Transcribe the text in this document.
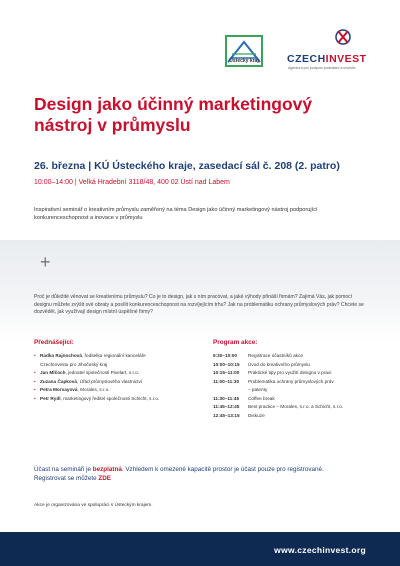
Ústecký kraj	CZECHINVEST
Agentura pro podporu podnikání a investic
Design jako účinný marketingový nástroj v průmyslu
26. března | KÚ Ústeckého kraje, zasedací sál č. 208 (2. patro)
10:00–14:00 | Velká Hradební 3118/48, 400 02 Ústí nad Labem
Inspirativní seminář o kreativním průmyslu zaměřený na téma Design jako účinný marketingový nástroj podporující konkurenceschopnost a inovace v průmyslu
+
Proč je důležité věnovat se kreativnímu průmyslu? Co je to design, jak s ním pracovat, a jaké výhody přináší firmám? Zajímá Vás, jak pomocí designu můžete zvýšit své obraty a posílit konkurenceschopnost na rozvíjejícím trhu? Jak na problematiku ochrany průmyslových práv? Chcete se dozvědět, jak využívají design místní úspěšné firmy?
Přednášející:
• Radka Rajnochová, ředitelka regionální kanceláře
CzechInvestu pro Jihočeský kraj
• Jan Mlčoch, jednatel společnosti Pixelart, s.r.o.
• Zuzana Čapková, Úřad průmyslového vlastnictví
• Petra Morvayová, Morales, s.r.o.
• Petr Rydl, marketingový ředitel společnosti Schicht, s.r.o.
Program akce:
9:30–10:00	Registrace účastníků akce
10:00–10:15	Úvod do kreativního průmyslu
10:15–11:00	Praktické tipy pro využití designu v praxi
11:00–11:30	Problematika ochrany průmyslových práv
– patenty
11:30–11:45	Coffee break
11:45–12:45	Best practice – Morales, s.r.o. a Schicht, s.r.o.
12:45–13:15	Diskuze
Účast na semináři je bezplatná. Vzhledem k omezené kapacitě prostor je účast pouze pro registrované.
Registrovat se můžete ZDE
Akce je organizována ve spolupráci s Ústeckým krajem.
www.czechinvest.org
